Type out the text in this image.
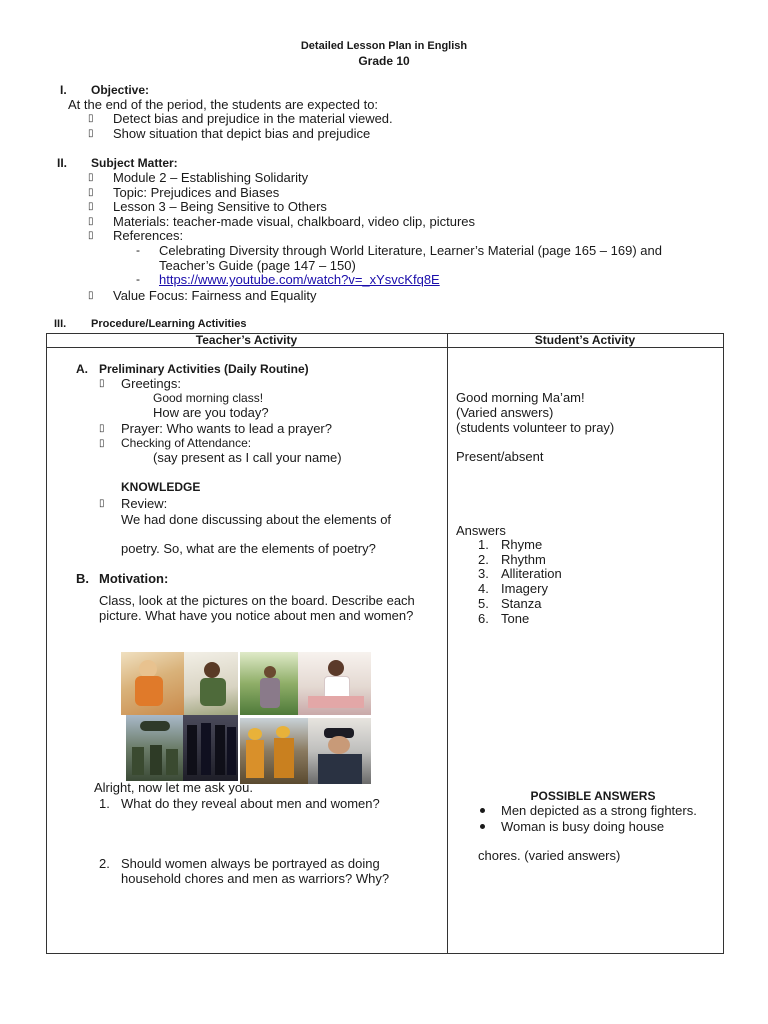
Detailed Lesson Plan in English
Grade 10
I. Objective:
At the end of the period, the students are expected to:
▯ Detect bias and prejudice in the material viewed.
▯ Show situation that depict bias and prejudice
II. Subject Matter:
▯ Module 2 – Establishing Solidarity
▯ Topic: Prejudices and Biases
▯ Lesson 3 – Being Sensitive to Others
▯ Materials: teacher-made visual, chalkboard, video clip, pictures
▯ References:
- Celebrating Diversity through World Literature, Learner’s Material (page 165 – 169) and
Teacher’s Guide (page 147 – 150)
- https://www.youtube.com/watch?v=_xYsvcKfq8E
▯ Value Focus: Fairness and Equality
III. Procedure/Learning Activities
Teacher’s Activity	Student’s Activity
A. Preliminary Activities (Daily Routine)
▯ Greetings:
Good morning class!
How are you today?
▯ Prayer: Who wants to lead a prayer?
▯ Checking of Attendance:
(say present as I call your name)
KNOWLEDGE
▯ Review:
We had done discussing about the elements of
poetry. So, what are the elements of poetry?
B. Motivation:
Class, look at the pictures on the board. Describe each
picture. What have you notice about men and women?
Alright, now let me ask you.
1. What do they reveal about men and women?
2. Should women always be portrayed as doing
household chores and men as warriors? Why?
Good morning Ma’am!
(Varied answers)
(students volunteer to pray)
Present/absent
Answers
1. Rhyme
2. Rhythm
3. Alliteration
4. Imagery
5. Stanza
6. Tone
POSSIBLE ANSWERS
Men depicted as a strong fighters.
Woman is busy doing house
chores. (varied answers)
